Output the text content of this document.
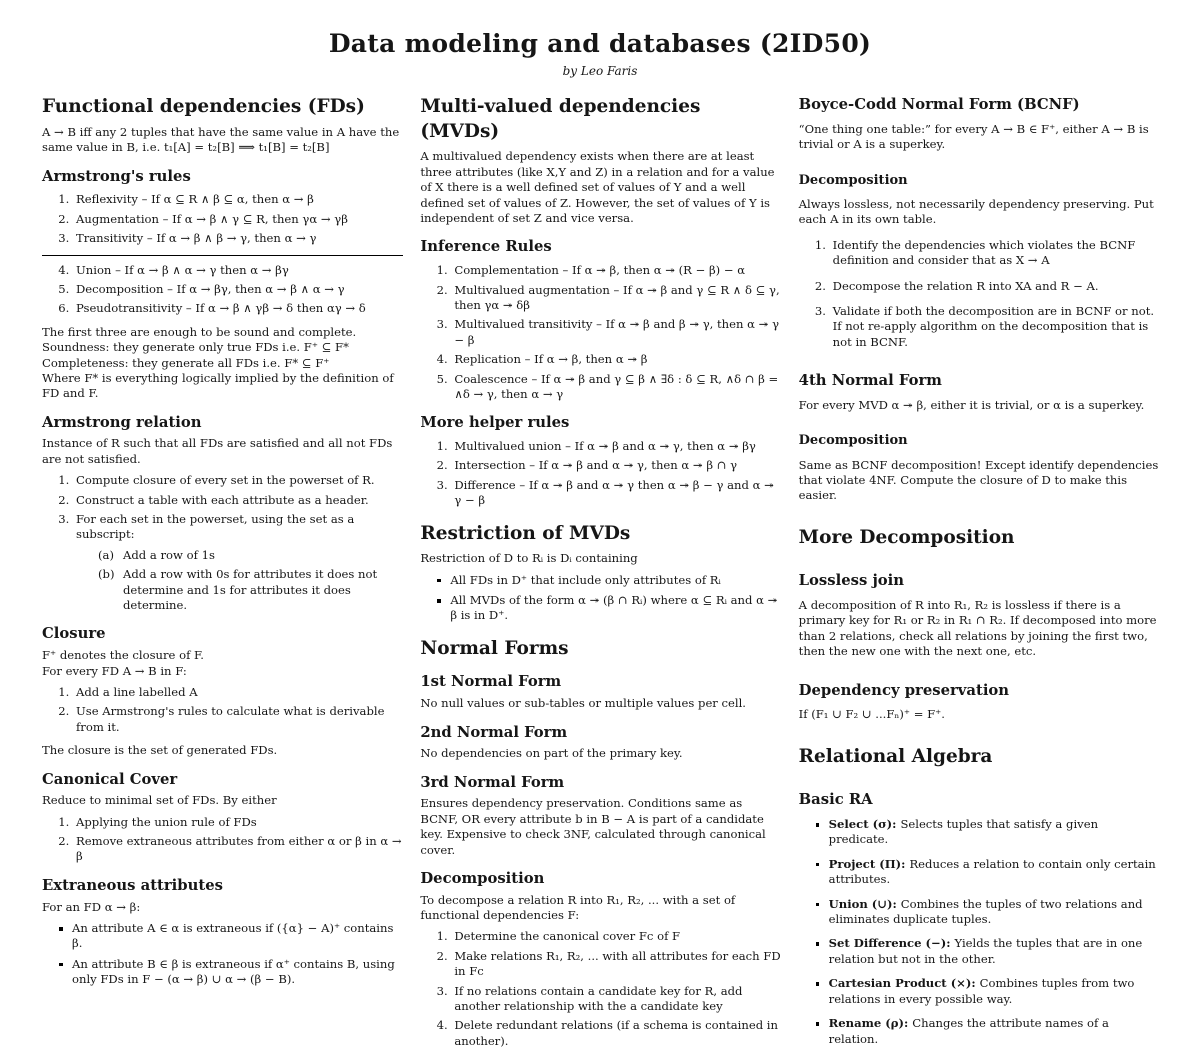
Data modeling and databases (2ID50)
by Leo Faris
Functional dependencies (FDs)

A → B iff any 2 tuples that have the same value in A have the same value in B, i.e. t₁[A] = t₂[B] ⟹ t₁[B] = t₂[B]

Armstrong's rules
1. Reflexivity – If α ⊆ R ∧ β ⊆ α, then α → β
2. Augmentation – If α → β ∧ γ ⊆ R, then γα → γβ
3. Transitivity – If α → β ∧ β → γ, then α → γ
4. Union – If α → β ∧ α → γ then α → βγ
5. Decomposition – If α → βγ, then α → β ∧ α → γ
6. Pseudotransitivity – If α → β ∧ γβ → δ then αγ → δ
The first three are enough to be sound and complete.
Soundness: they generate only true FDs i.e. F⁺ ⊆ F*
Completeness: they generate all FDs i.e. F* ⊆ F⁺
Where F* is everything logically implied by the definition of FD and F.
Armstrong relation

Instance of R such that all FDs are satisfied and all not FDs are not satisfied.

1. Compute closure of every set in the powerset of R.
2. Construct a table with each attribute as a header.
3. For each set in the powerset, using the set as a subscript:
Add a row of 1s
Add a row with 0s for attributes it does not determine and 1s for attributes it does determine.
Closure
F⁺ denotes the closure of F.
For every FD A → B in F:
1. Add a line labelled A
2. Use Armstrong's rules to calculate what is derivable from it.

The closure is the set of generated FDs.

Canonical Cover

Reduce to minimal set of FDs. By either

1. Applying the union rule of FDs
2. Remove extraneous attributes from either α or β in α → β
Extraneous attributes

For an FD α → β:

An attribute A ∈ α is extraneous if ({α} − A)⁺ contains β.
An attribute B ∈ β is extraneous if α⁺ contains B, using only FDs in F − (α → β) ∪ α → (β − B).
Multi-valued dependencies (MVDs)

A multivalued dependency exists when there are at least three attributes (like X,Y and Z) in a relation and for a value of X there is a well defined set of values of Y and a well defined set of values of Z. However, the set of values of Y is independent of set Z and vice versa.

Inference Rules
1. Complementation – If α ↠ β, then α ↠ (R − β) − α
2. Multivalued augmentation – If α ↠ β and γ ⊆ R ∧ δ ⊆ γ, then γα ↠ δβ
3. Multivalued transitivity – If α ↠ β and β ↠ γ, then α ↠ γ − β
4. Replication – If α → β, then α ↠ β
5. Coalescence – If α ↠ β and γ ⊆ β ∧ ∃δ : δ ⊆ R, ∧δ ∩ β = ∧δ → γ, then α → γ
More helper rules
1. Multivalued union – If α ↠ β and α ↠ γ, then α ↠ βγ
2. Intersection – If α ↠ β and α ↠ γ, then α ↠ β ∩ γ
3. Difference – If α ↠ β and α ↠ γ then α ↠ β − γ and α ↠ γ − β
Restriction of MVDs

Restriction of D to Rᵢ is Dᵢ containing

All FDs in D⁺ that include only attributes of Rᵢ
All MVDs of the form α ↠ (β ∩ Rᵢ) where α ⊆ Rᵢ and α ↠ β is in D⁺.
Normal Forms
1st Normal Form

No null values or sub-tables or multiple values per cell.

2nd Normal Form

No dependencies on part of the primary key.

3rd Normal Form

Ensures dependency preservation. Conditions same as BCNF, OR every attribute b in B − A is part of a candidate key. Expensive to check 3NF, calculated through canonical cover.

Decomposition

To decompose a relation R into R₁, R₂, ... with a set of functional dependencies F:

1. Determine the canonical cover Fc of F
2. Make relations R₁, R₂, ... with all attributes for each FD in Fc
3. If no relations contain a candidate key for R, add another relationship with the a candidate key
4. Delete redundant relations (if a schema is contained in another).
Boyce-Codd Normal Form (BCNF)

“One thing one table:” for every A → B ∈ F⁺, either A → B is trivial or A is a superkey.

Decomposition

Always lossless, not necessarily dependency preserving. Put each A in its own table.

1. Identify the dependencies which violates the BCNF definition and consider that as X → A
2. Decompose the relation R into XA and R − A.
3. Validate if both the decomposition are in BCNF or not. If not re-apply algorithm on the decomposition that is not in BCNF.
4th Normal Form

For every MVD α ↠ β, either it is trivial, or α is a superkey.

Decomposition

Same as BCNF decomposition! Except identify dependencies that violate 4NF. Compute the closure of D to make this easier.

More Decomposition
Lossless join

A decomposition of R into R₁, R₂ is lossless if there is a primary key for R₁ or R₂ in R₁ ∩ R₂. If decomposed into more than 2 relations, check all relations by joining the first two, then the new one with the next one, etc.

Dependency preservation

If (F₁ ∪ F₂ ∪ ...Fₙ)⁺ = F⁺.

Relational Algebra
Basic RA
Select (σ): Selects tuples that satisfy a given predicate.
Project (Π): Reduces a relation to contain only certain attributes.
Union (∪): Combines the tuples of two relations and eliminates duplicate tuples.
Set Difference (−): Yields the tuples that are in one relation but not in the other.
Cartesian Product (×): Combines tuples from two relations in every possible way.
Rename (ρ): Changes the attribute names of a relation.
